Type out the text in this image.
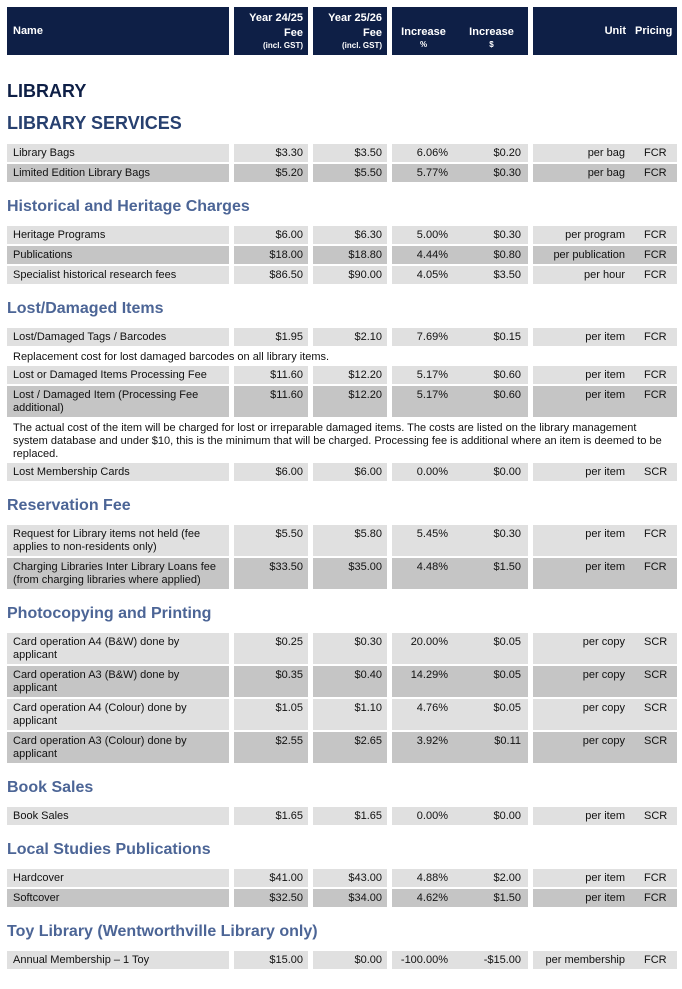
Name		Year 24/25
Fee
(incl. GST)
		Year 25/26
Fee
(incl. GST)
		Increase
%
	Increase
$
		Unit	Pricing
LIBRARY
LIBRARY SERVICES
Library Bags		$3.30		$3.50		6.06%	$0.20		per bag	FCR

Limited Edition Library Bags		$5.20		$5.50		5.77%	$0.30		per bag	FCR
Historical and Heritage Charges
Heritage Programs		$6.00		$6.30		5.00%	$0.30		per program	FCR

Publications		$18.00		$18.80		4.44%	$0.80		per publication	FCR

Specialist historical research fees		$86.50		$90.00		4.05%	$3.50		per hour	FCR
Lost/Damaged Items
Lost/Damaged Tags / Barcodes		$1.95		$2.10		7.69%	$0.15		per item	FCR

Replacement cost for lost damaged barcodes on all library items.										
Lost or Damaged Items Processing Fee		$11.60		$12.20		5.17%	$0.60		per item	FCR

Lost / Damaged Item (Processing Fee additional)		$11.60		$12.20		5.17%	$0.60		per item	FCR

The actual cost of the item will be charged for lost or irreparable damaged items. The costs are listed on the library management system database and under $10, this is the minimum that will be charged. Processing fee is additional where an item is deemed to be replaced.										
Lost Membership Cards		$6.00		$6.00		0.00%	$0.00		per item	SCR
Reservation Fee
Request for Library items not held (fee applies to non-residents only)		$5.50		$5.80		5.45%	$0.30		per item	FCR

Charging Libraries Inter Library Loans fee (from charging libraries where applied)		$33.50		$35.00		4.48%	$1.50		per item	FCR
Photocopying and Printing
Card operation A4 (B&W) done by applicant		$0.25		$0.30		20.00%	$0.05		per copy	SCR

Card operation A3 (B&W) done by applicant		$0.35		$0.40		14.29%	$0.05		per copy	SCR

Card operation A4 (Colour) done by applicant		$1.05		$1.10		4.76%	$0.05		per copy	SCR

Card operation A3 (Colour) done by applicant		$2.55		$2.65		3.92%	$0.11		per copy	SCR
Book Sales
Book Sales		$1.65		$1.65		0.00%	$0.00		per item	SCR
Local Studies Publications
Hardcover		$41.00		$43.00		4.88%	$2.00		per item	FCR

Softcover		$32.50		$34.00		4.62%	$1.50		per item	FCR
Toy Library (Wentworthville Library only)
Annual Membership – 1 Toy		$15.00		$0.00		-100.00%	-$15.00		per membership	FCR
